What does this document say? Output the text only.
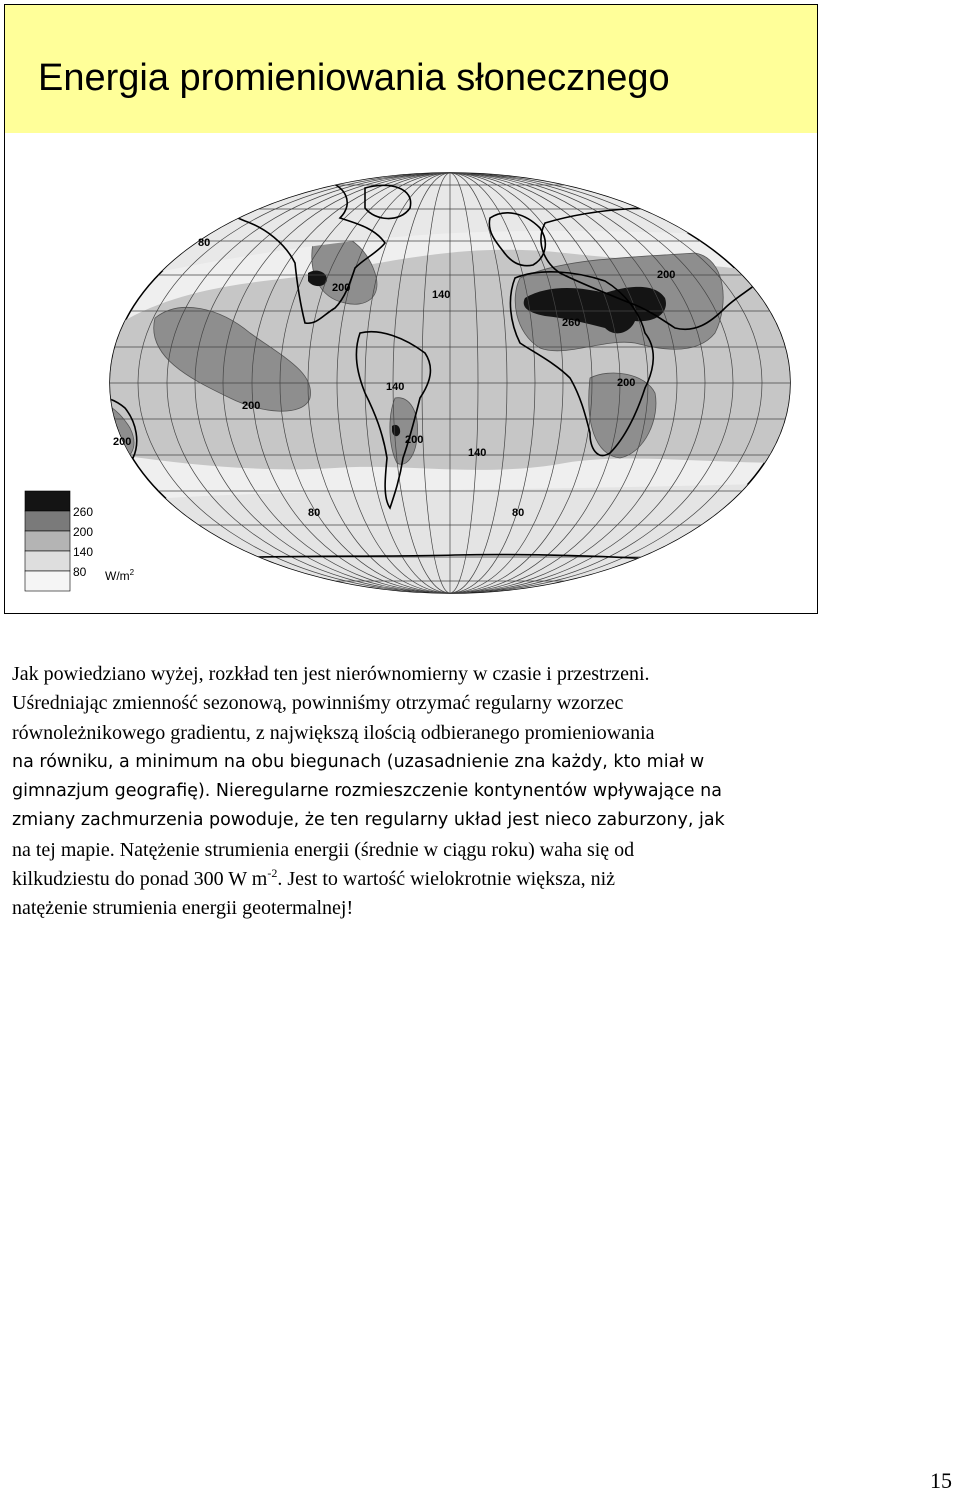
Energia promieniowania słonecznego
80
200
140
200
260
200
140
200
200
140
200
80	80
260
200
140
80 $W/m^2$
Jak powiedziano wyżej, rozkład ten jest nierównomierny w czasie i przestrzeni.
Uśredniając zmienność sezonową, powinniśmy otrzymać regularny wzorzec
równoleżnikowego gradientu, z największą ilością odbieranego promieniowania
na równiku, a minimum na obu biegunach (uzasadnienie zna każdy, kto miał w
gimnazjum geografię). Nieregularne rozmieszczenie kontynentów wpływające na
zmiany zachmurzenia powoduje, że ten regularny układ jest nieco zaburzony, jak
na tej mapie. Natężenie strumienia energii (średnie w ciągu roku) waha się od
kilkudziestu do ponad 300 W $m^{-2}$. Jest to wartość wielokrotnie większa, niż
natężenie strumienia energii geotermalnej!
15
